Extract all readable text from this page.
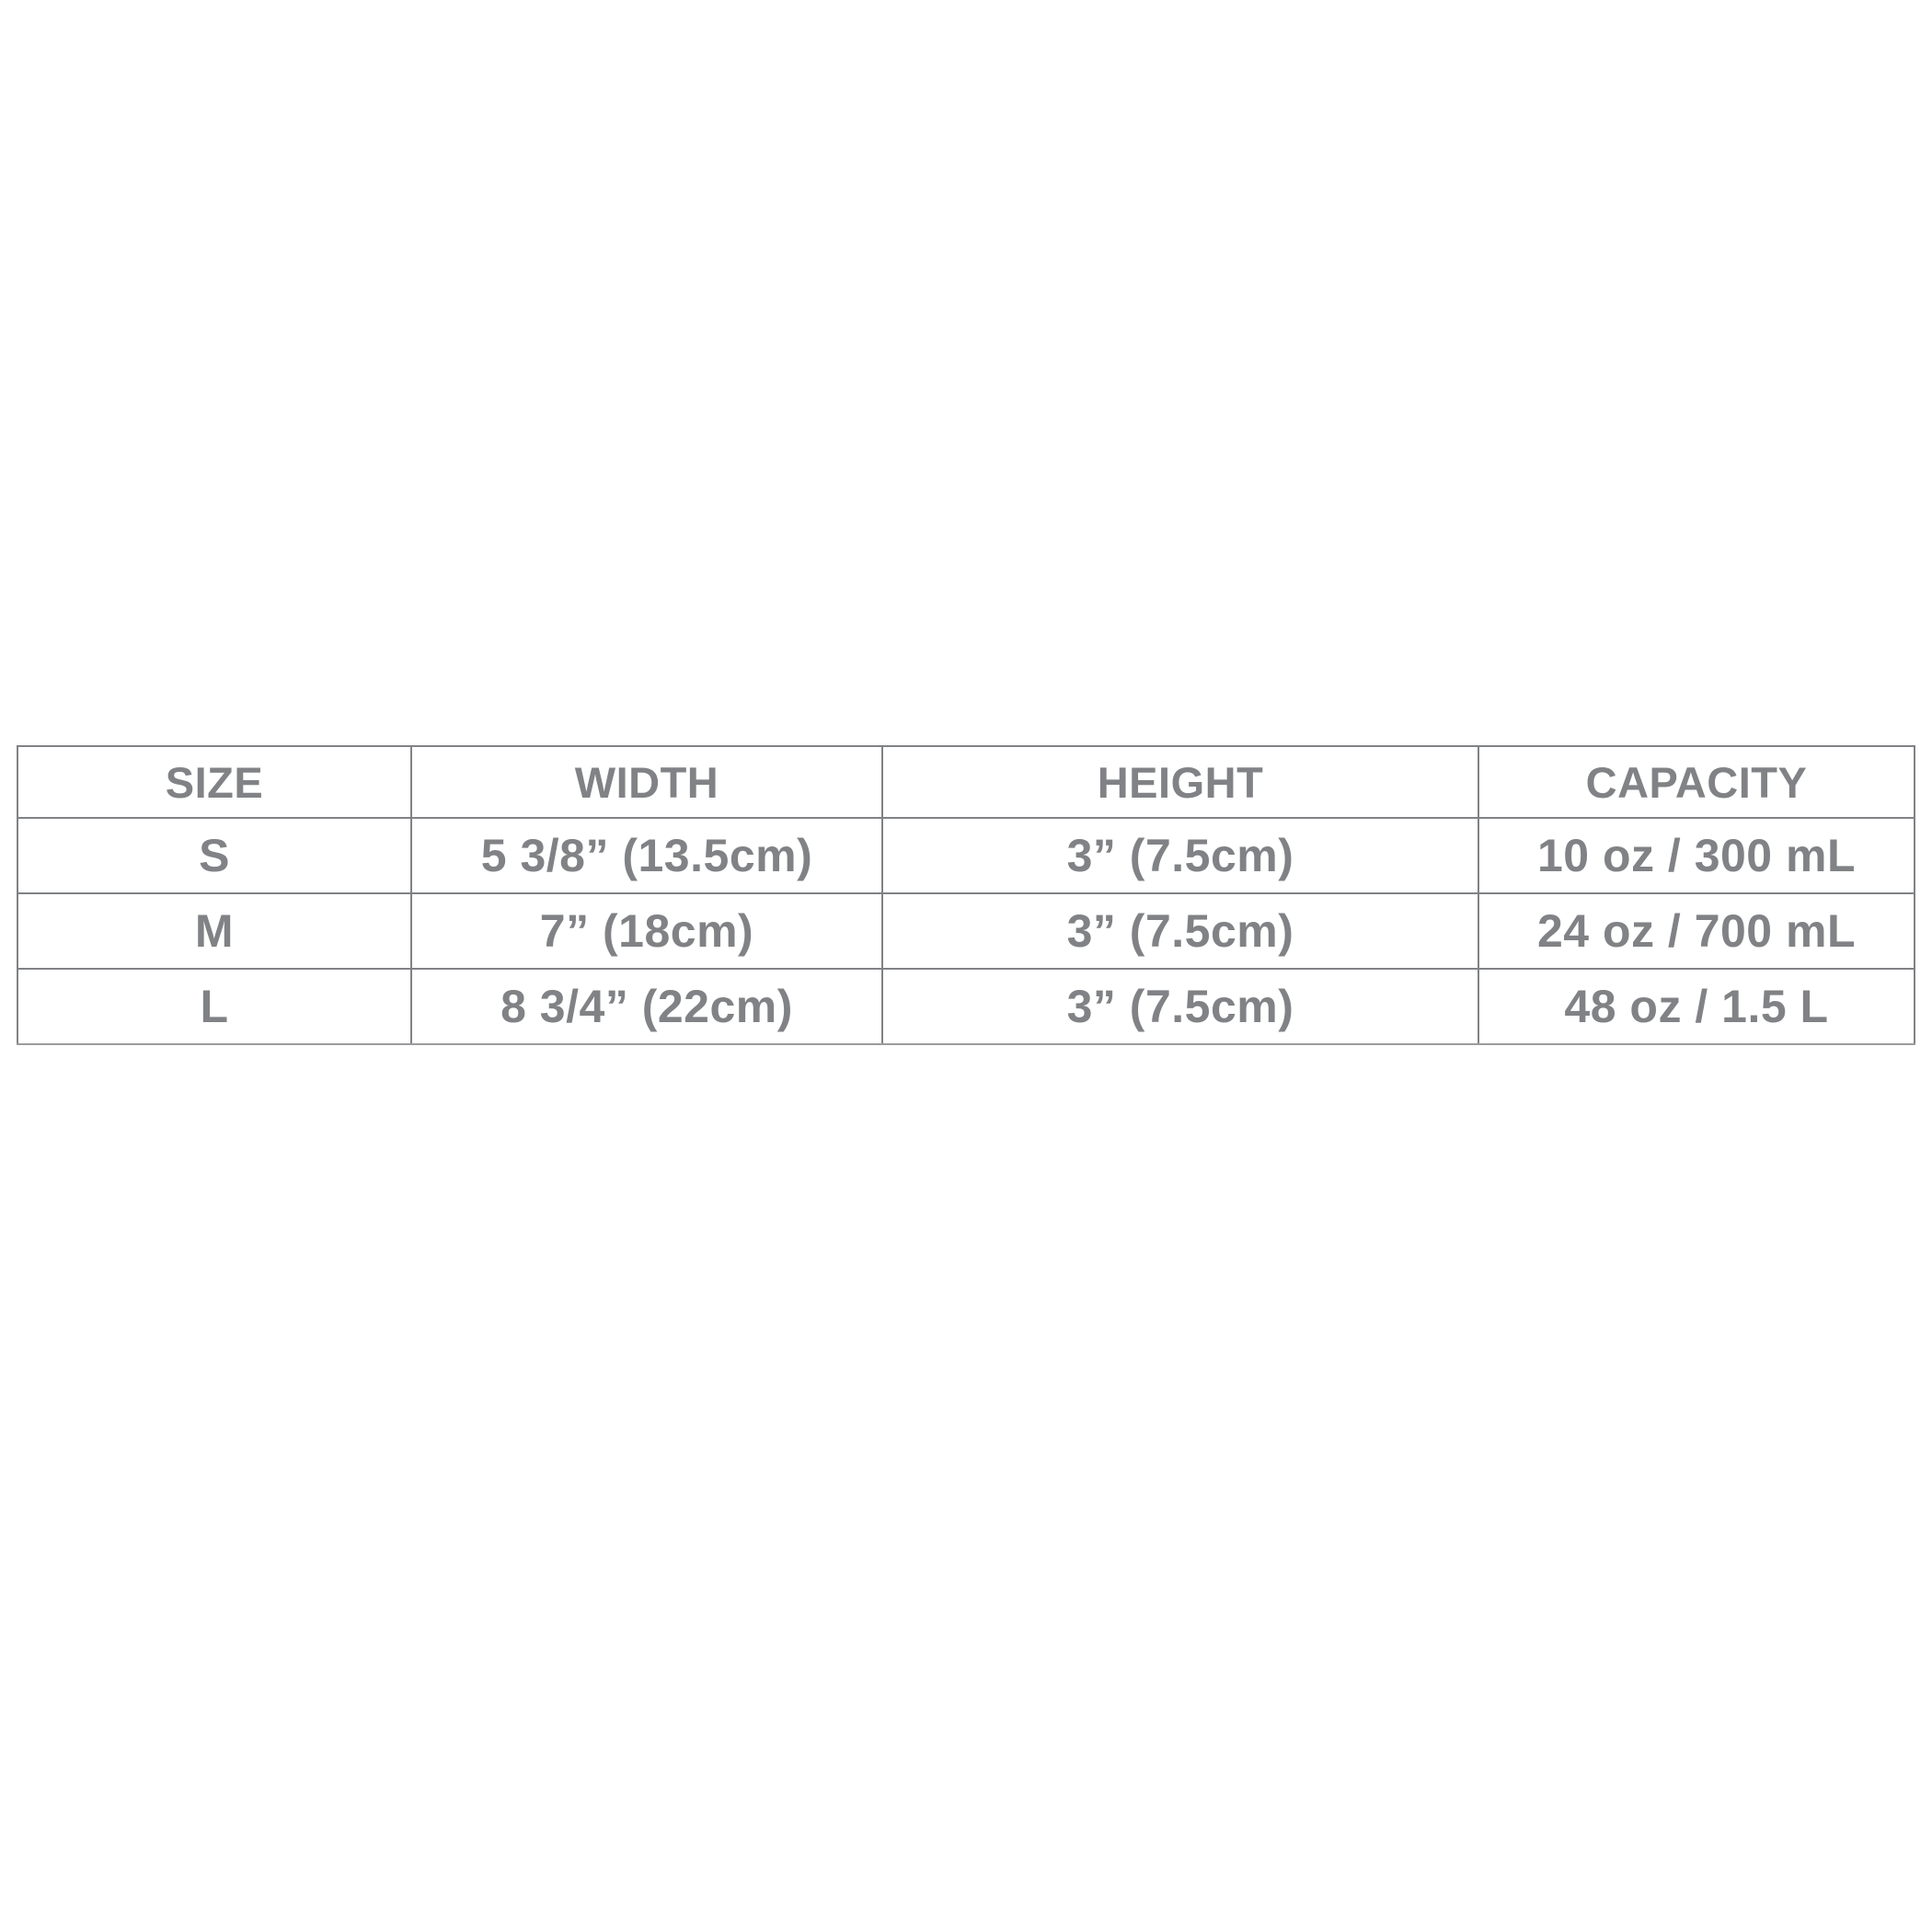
SIZE	WIDTH	HEIGHT	CAPACITY
S	5 3/8” (13.5cm)	3” (7.5cm)	10 oz / 300 mL
M	7” (18cm)	3” (7.5cm)	24 oz / 700 mL
L	8 3/4” (22cm)	3” (7.5cm)	48 oz / 1.5 L
